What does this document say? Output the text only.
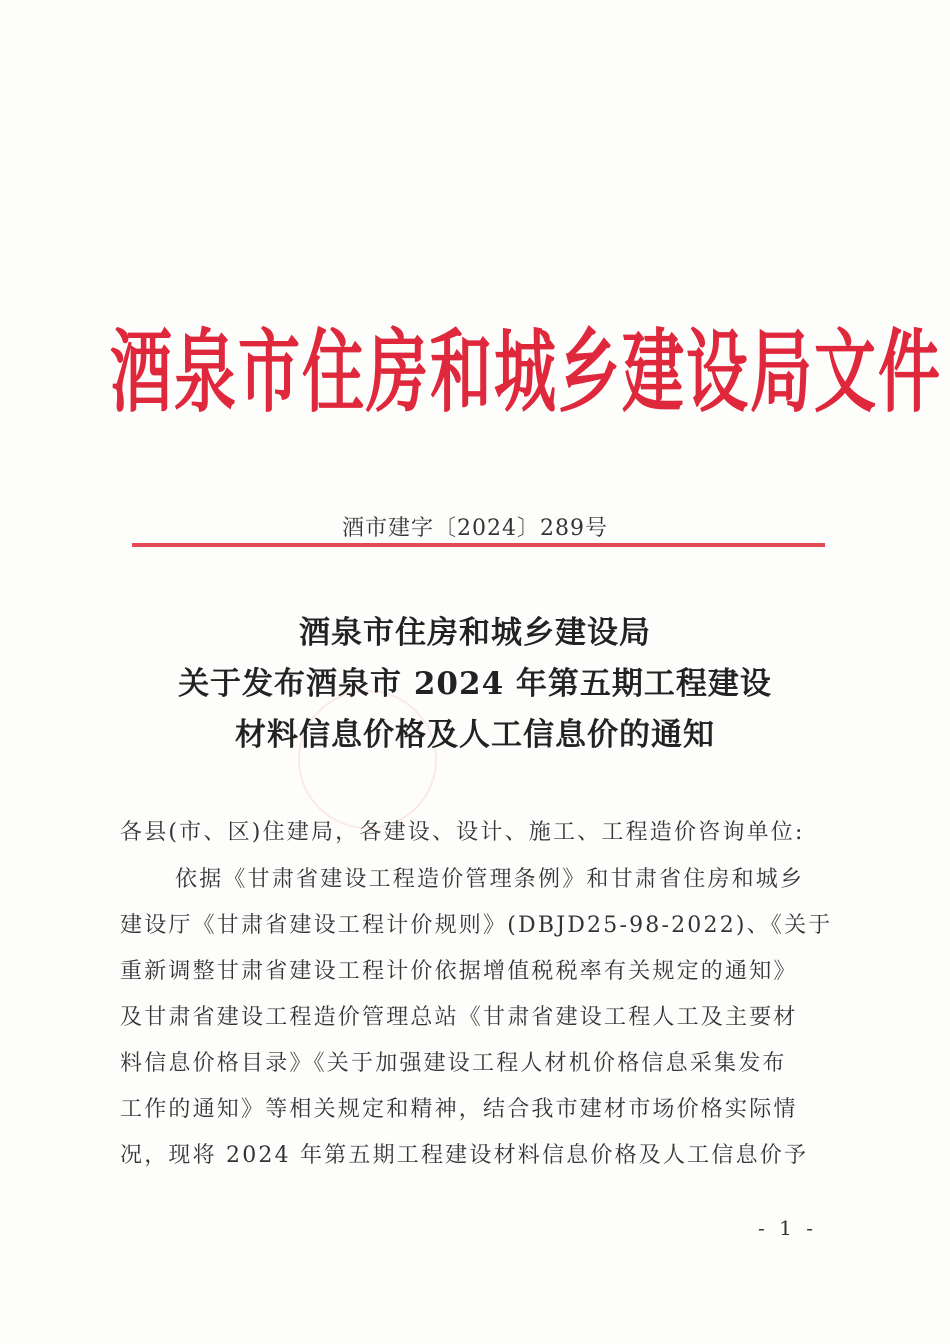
酒泉市住房和城乡建设局文件
酒市建字〔2024〕289号
酒泉市住房和城乡建设局
关于发布酒泉市 2024 年第五期工程建设
材料信息价格及人工信息价的通知
各县(市、区)住建局，各建设、设计、施工、工程造价咨询单位:
依据《甘肃省建设工程造价管理条例》和甘肃省住房和城乡
建设厅《甘肃省建设工程计价规则》(DBJD25-98-2022)、《关于
重新调整甘肃省建设工程计价依据增值税税率有关规定的通知》
及甘肃省建设工程造价管理总站《甘肃省建设工程人工及主要材
料信息价格目录》《关于加强建设工程人材机价格信息采集发布
工作的通知》等相关规定和精神，结合我市建材市场价格实际情
况，现将 2024 年第五期工程建设材料信息价格及人工信息价予
- 1 -
